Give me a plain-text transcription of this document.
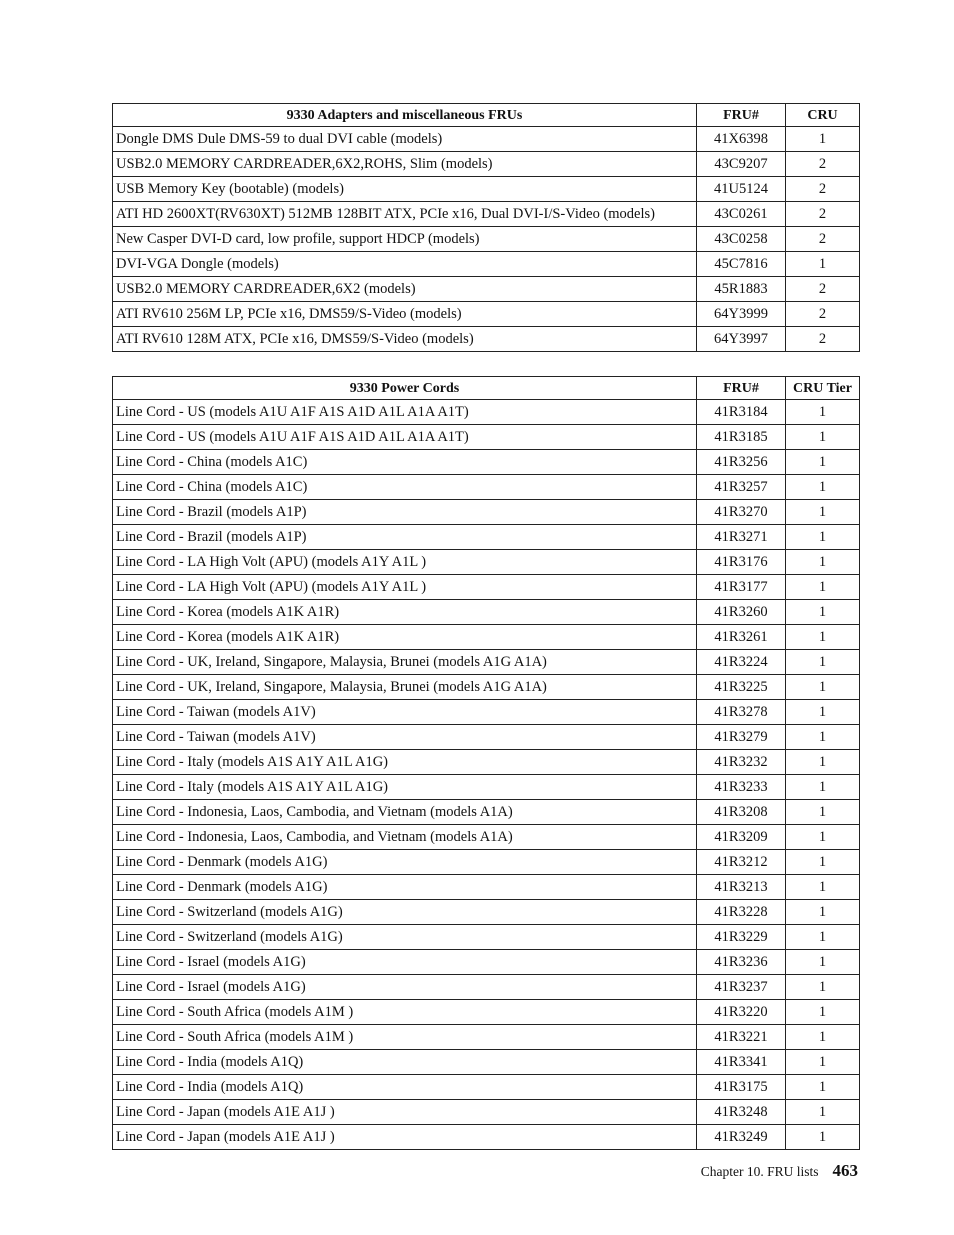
9330 Adapters and miscellaneous FRUs	FRU#	CRU
Dongle DMS Dule DMS-59 to dual DVI cable (models)	41X6398	1
USB2.0 MEMORY CARDREADER,6X2,ROHS, Slim (models)	43C9207	2
USB Memory Key (bootable) (models)	41U5124	2
ATI HD 2600XT(RV630XT) 512MB 128BIT ATX, PCIe x16, Dual DVI-I/S-Video (models)	43C0261	2
New Casper DVI-D card, low profile, support HDCP (models)	43C0258	2
DVI-VGA Dongle (models)	45C7816	1
USB2.0 MEMORY CARDREADER,6X2 (models)	45R1883	2
ATI RV610 256M LP, PCIe x16, DMS59/S-Video (models)	64Y3999	2
ATI RV610 128M ATX, PCIe x16, DMS59/S-Video (models)	64Y3997	2
9330 Power Cords	FRU#	CRU Tier
Line Cord - US (models A1U A1F A1S A1D A1L A1A A1T)	41R3184	1
Line Cord - US (models A1U A1F A1S A1D A1L A1A A1T)	41R3185	1
Line Cord - China (models A1C)	41R3256	1
Line Cord - China (models A1C)	41R3257	1
Line Cord - Brazil (models A1P)	41R3270	1
Line Cord - Brazil (models A1P)	41R3271	1
Line Cord - LA High Volt (APU) (models A1Y A1L )	41R3176	1
Line Cord - LA High Volt (APU) (models A1Y A1L )	41R3177	1
Line Cord - Korea (models A1K A1R)	41R3260	1
Line Cord - Korea (models A1K A1R)	41R3261	1
Line Cord - UK, Ireland, Singapore, Malaysia, Brunei (models A1G A1A)	41R3224	1
Line Cord - UK, Ireland, Singapore, Malaysia, Brunei (models A1G A1A)	41R3225	1
Line Cord - Taiwan (models A1V)	41R3278	1
Line Cord - Taiwan (models A1V)	41R3279	1
Line Cord - Italy (models A1S A1Y A1L A1G)	41R3232	1
Line Cord - Italy (models A1S A1Y A1L A1G)	41R3233	1
Line Cord - Indonesia, Laos, Cambodia, and Vietnam (models A1A)	41R3208	1
Line Cord - Indonesia, Laos, Cambodia, and Vietnam (models A1A)	41R3209	1
Line Cord - Denmark (models A1G)	41R3212	1
Line Cord - Denmark (models A1G)	41R3213	1
Line Cord - Switzerland (models A1G)	41R3228	1
Line Cord - Switzerland (models A1G)	41R3229	1
Line Cord - Israel (models A1G)	41R3236	1
Line Cord - Israel (models A1G)	41R3237	1
Line Cord - South Africa (models A1M )	41R3220	1
Line Cord - South Africa (models A1M )	41R3221	1
Line Cord - India (models A1Q)	41R3341	1
Line Cord - India (models A1Q)	41R3175	1
Line Cord - Japan (models A1E A1J )	41R3248	1
Line Cord - Japan (models A1E A1J )	41R3249	1
Chapter 10. FRU lists 463
